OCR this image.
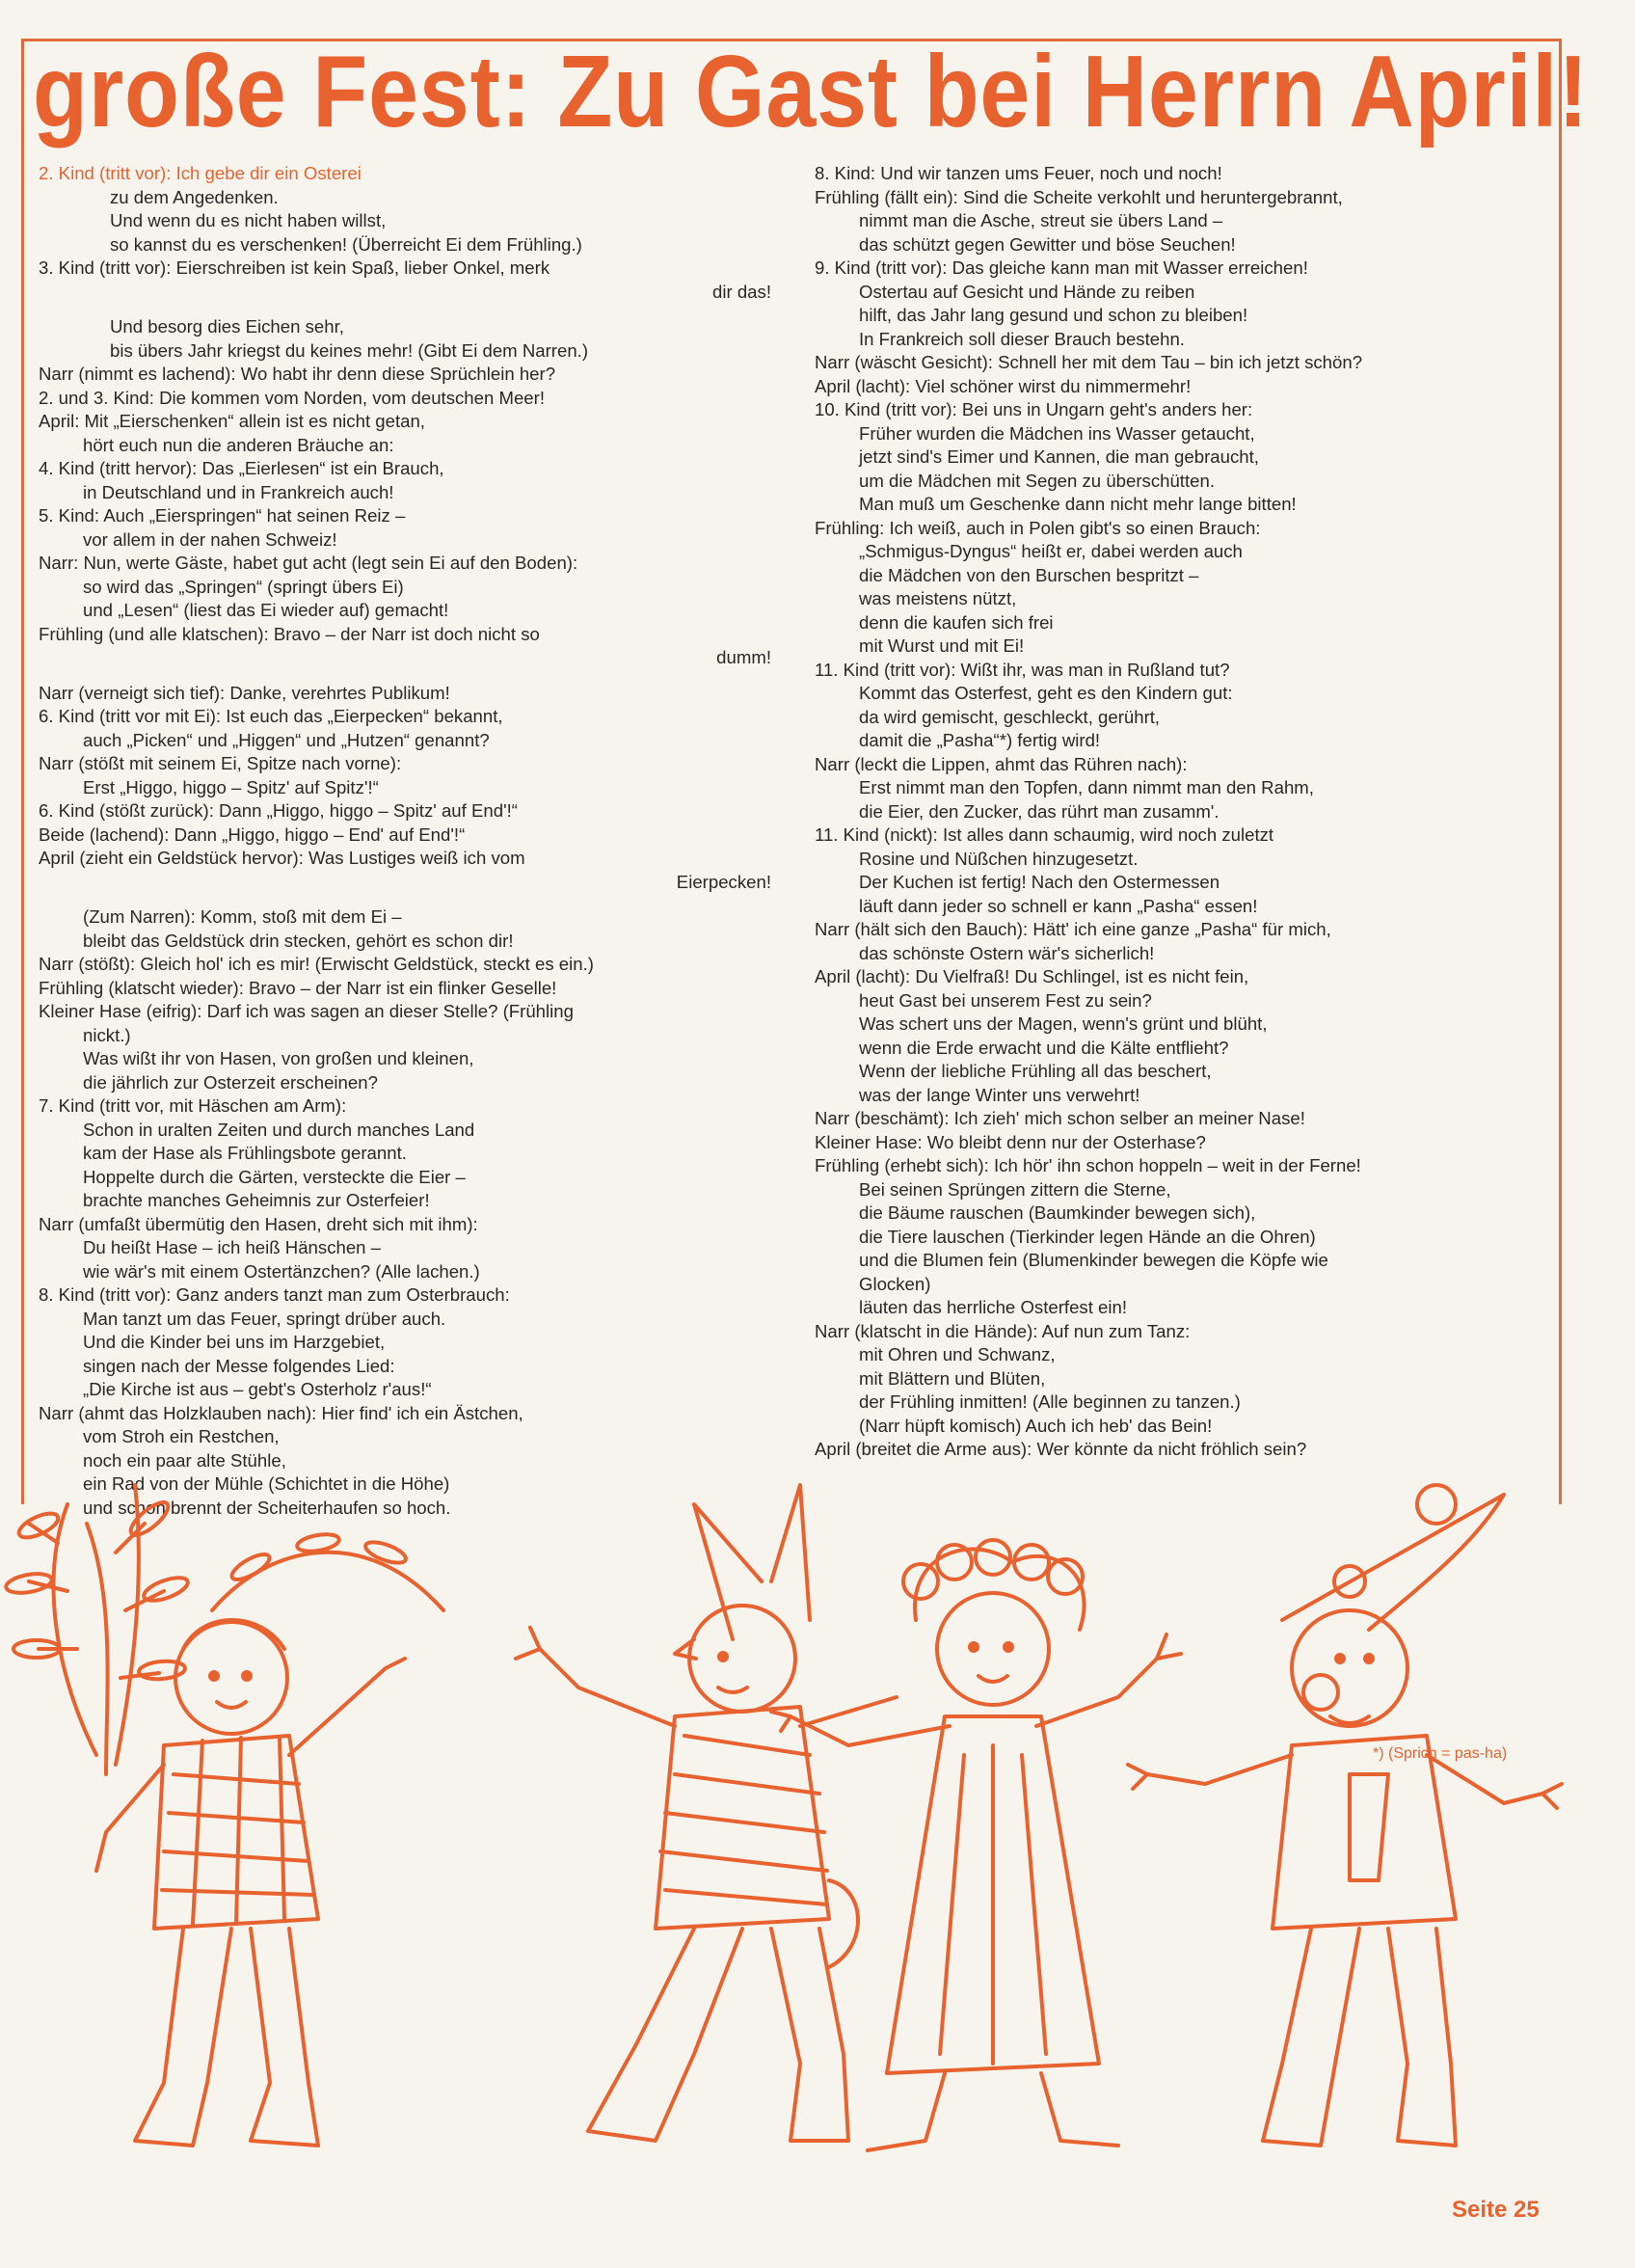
große Fest: Zu Gast bei Herrn April!
2. Kind (tritt vor): Ich gebe dir ein Osterei
zu dem Angedenken.
Und wenn du es nicht haben willst,
so kannst du es verschenken! (Überreicht Ei dem Frühling.)
3. Kind (tritt vor): Eierschreiben ist kein Spaß, lieber Onkel, merk
dir das!
Und besorg dies Eichen sehr,
bis übers Jahr kriegst du keines mehr! (Gibt Ei dem Narren.)
Narr (nimmt es lachend): Wo habt ihr denn diese Sprüchlein her?
2. und 3. Kind: Die kommen vom Norden, vom deutschen Meer!
April: Mit „Eierschenken“ allein ist es nicht getan,
hört euch nun die anderen Bräuche an:
4. Kind (tritt hervor): Das „Eierlesen“ ist ein Brauch,
in Deutschland und in Frankreich auch!
5. Kind: Auch „Eierspringen“ hat seinen Reiz –
vor allem in der nahen Schweiz!
Narr: Nun, werte Gäste, habet gut acht (legt sein Ei auf den Boden):
so wird das „Springen“ (springt übers Ei)
und „Lesen“ (liest das Ei wieder auf) gemacht!
Frühling (und alle klatschen): Bravo – der Narr ist doch nicht so
dumm!
Narr (verneigt sich tief): Danke, verehrtes Publikum!
6. Kind (tritt vor mit Ei): Ist euch das „Eierpecken“ bekannt,
auch „Picken“ und „Higgen“ und „Hutzen“ genannt?
Narr (stößt mit seinem Ei, Spitze nach vorne):
Erst „Higgo, higgo – Spitz' auf Spitz'!“
6. Kind (stößt zurück): Dann „Higgo, higgo – Spitz' auf End'!“
Beide (lachend): Dann „Higgo, higgo – End' auf End'!“
April (zieht ein Geldstück hervor): Was Lustiges weiß ich vom
Eierpecken!
(Zum Narren): Komm, stoß mit dem Ei –
bleibt das Geldstück drin stecken, gehört es schon dir!
Narr (stößt): Gleich hol' ich es mir! (Erwischt Geldstück, steckt es ein.)
Frühling (klatscht wieder): Bravo – der Narr ist ein flinker Geselle!
Kleiner Hase (eifrig): Darf ich was sagen an dieser Stelle? (Frühling
nickt.)
Was wißt ihr von Hasen, von großen und kleinen,
die jährlich zur Osterzeit erscheinen?
7. Kind (tritt vor, mit Häschen am Arm):
Schon in uralten Zeiten und durch manches Land
kam der Hase als Frühlingsbote gerannt.
Hoppelte durch die Gärten, versteckte die Eier –
brachte manches Geheimnis zur Osterfeier!
Narr (umfaßt übermütig den Hasen, dreht sich mit ihm):
Du heißt Hase – ich heiß Hänschen –
wie wär's mit einem Ostertänzchen? (Alle lachen.)
8. Kind (tritt vor): Ganz anders tanzt man zum Osterbrauch:
Man tanzt um das Feuer, springt drüber auch.
Und die Kinder bei uns im Harzgebiet,
singen nach der Messe folgendes Lied:
„Die Kirche ist aus – gebt's Osterholz r'aus!“
Narr (ahmt das Holzklauben nach): Hier find' ich ein Ästchen,
vom Stroh ein Restchen,
noch ein paar alte Stühle,
ein Rad von der Mühle (Schichtet in die Höhe)
und schon brennt der Scheiterhaufen so hoch.
8. Kind: Und wir tanzen ums Feuer, noch und noch!
Frühling (fällt ein): Sind die Scheite verkohlt und heruntergebrannt,
nimmt man die Asche, streut sie übers Land –
das schützt gegen Gewitter und böse Seuchen!
9. Kind (tritt vor): Das gleiche kann man mit Wasser erreichen!
Ostertau auf Gesicht und Hände zu reiben
hilft, das Jahr lang gesund und schon zu bleiben!
In Frankreich soll dieser Brauch bestehn.
Narr (wäscht Gesicht): Schnell her mit dem Tau – bin ich jetzt schön?
April (lacht): Viel schöner wirst du nimmermehr!
10. Kind (tritt vor): Bei uns in Ungarn geht's anders her:
Früher wurden die Mädchen ins Wasser getaucht,
jetzt sind's Eimer und Kannen, die man gebraucht,
um die Mädchen mit Segen zu überschütten.
Man muß um Geschenke dann nicht mehr lange bitten!
Frühling: Ich weiß, auch in Polen gibt's so einen Brauch:
„Schmigus-Dyngus“ heißt er, dabei werden auch
die Mädchen von den Burschen bespritzt –
was meistens nützt,
denn die kaufen sich frei
mit Wurst und mit Ei!
11. Kind (tritt vor): Wißt ihr, was man in Rußland tut?
Kommt das Osterfest, geht es den Kindern gut:
da wird gemischt, geschleckt, gerührt,
damit die „Pasha“*) fertig wird!
Narr (leckt die Lippen, ahmt das Rühren nach):
Erst nimmt man den Topfen, dann nimmt man den Rahm,
die Eier, den Zucker, das rührt man zusamm'.
11. Kind (nickt): Ist alles dann schaumig, wird noch zuletzt
Rosine und Nüßchen hinzugesetzt.
Der Kuchen ist fertig! Nach den Ostermessen
läuft dann jeder so schnell er kann „Pasha“ essen!
Narr (hält sich den Bauch): Hätt' ich eine ganze „Pasha“ für mich,
das schönste Ostern wär's sicherlich!
April (lacht): Du Vielfraß! Du Schlingel, ist es nicht fein,
heut Gast bei unserem Fest zu sein?
Was schert uns der Magen, wenn's grünt und blüht,
wenn die Erde erwacht und die Kälte entflieht?
Wenn der liebliche Frühling all das beschert,
was der lange Winter uns verwehrt!
Narr (beschämt): Ich zieh' mich schon selber an meiner Nase!
Kleiner Hase: Wo bleibt denn nur der Osterhase?
Frühling (erhebt sich): Ich hör' ihn schon hoppeln – weit in der Ferne!
Bei seinen Sprüngen zittern die Sterne,
die Bäume rauschen (Baumkinder bewegen sich),
die Tiere lauschen (Tierkinder legen Hände an die Ohren)
und die Blumen fein (Blumenkinder bewegen die Köpfe wie
Glocken)
läuten das herrliche Osterfest ein!
Narr (klatscht in die Hände): Auf nun zum Tanz:
mit Ohren und Schwanz,
mit Blättern und Blüten,
der Frühling inmitten! (Alle beginnen zu tanzen.)
(Narr hüpft komisch) Auch ich heb' das Bein!
April (breitet die Arme aus): Wer könnte da nicht fröhlich sein?
*) (Sprich = pas-ha)
Seite 25
